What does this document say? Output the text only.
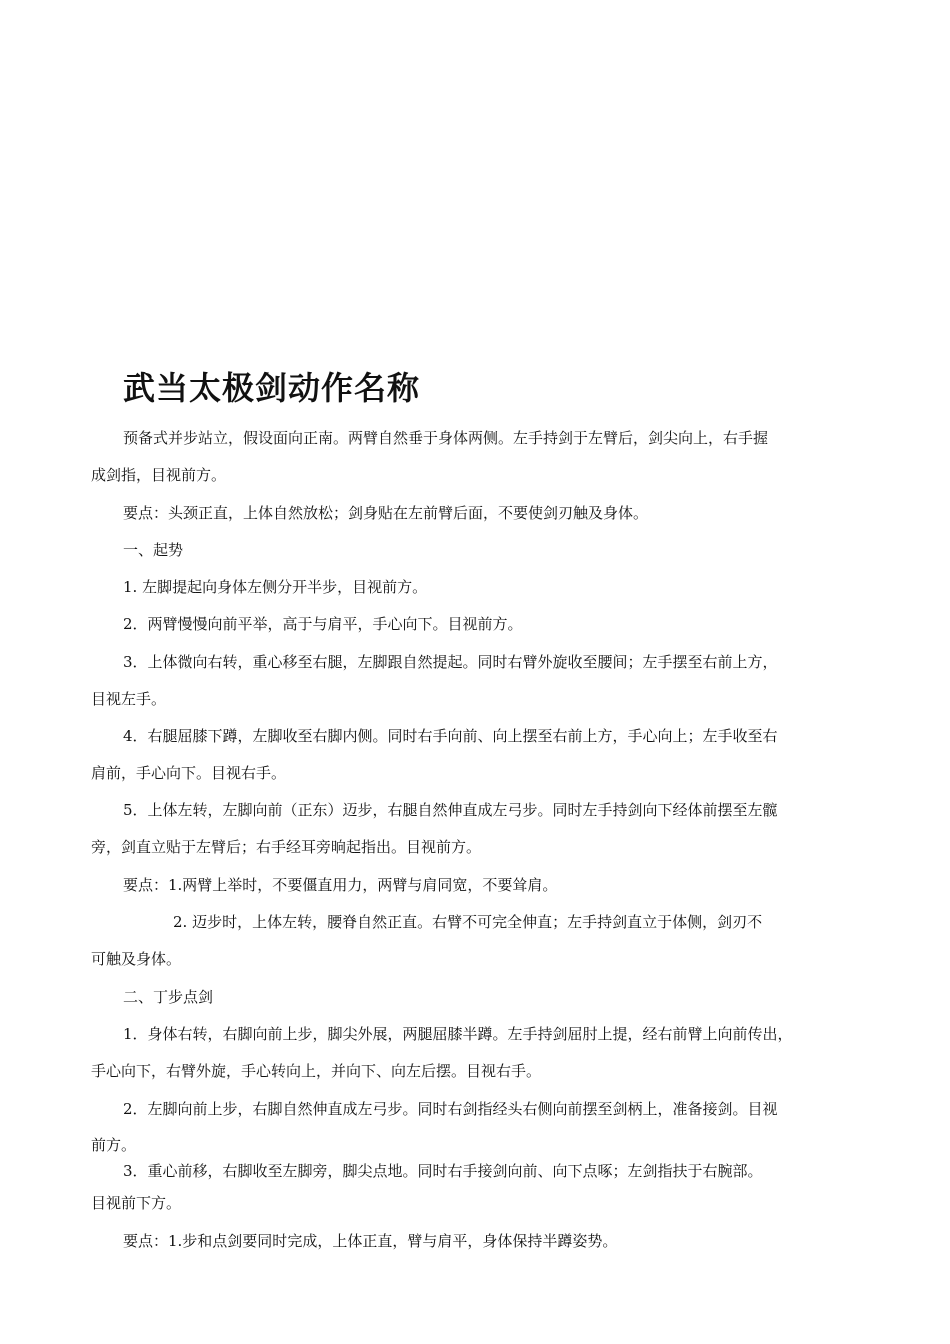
武当太极剑动作名称
预备式并步站立，假设面向正南。两臂自然垂于身体两侧。左手持剑于左臂后，剑尖向上，右手握
成剑指，目视前方。
要点：头颈正直，上体自然放松；剑身贴在左前臂后面，不要使剑刃触及身体。
一、起势
1. 左脚提起向身体左侧分开半步，目视前方。
2．两臂慢慢向前平举，高于与肩平，手心向下。目视前方。
3．上体微向右转，重心移至右腿，左脚跟自然提起。同时右臂外旋收至腰间；左手摆至右前上方，
目视左手。
4．右腿屈膝下蹲，左脚收至右脚内侧。同时右手向前、向上摆至右前上方，手心向上；左手收至右
肩前，手心向下。目视右手。
5．上体左转，左脚向前（正东）迈步，右腿自然伸直成左弓步。同时左手持剑向下经体前摆至左髋
旁，剑直立贴于左臂后；右手经耳旁晌起指出。目视前方。
要点：1.两臂上举时，不要僵直用力，两臂与肩同宽，不要耸肩。
2. 迈步时，上体左转，腰脊自然正直。右臂不可完全伸直；左手持剑直立于体侧，剑刃不
可触及身体。
二、丁步点剑
1．身体右转，右脚向前上步，脚尖外展，两腿屈膝半蹲。左手持剑屈肘上提，经右前臂上向前传出，
手心向下，右臂外旋，手心转向上，并向下、向左后摆。目视右手。
2．左脚向前上步，右脚自然伸直成左弓步。同时右剑指经头右侧向前摆至剑柄上，准备接剑。目视
前方。
3．重心前移，右脚收至左脚旁，脚尖点地。同时右手接剑向前、向下点啄；左剑指扶于右腕部。
目视前下方。
要点：1.步和点剑要同时完成，上体正直，臂与肩平，身体保持半蹲姿势。
